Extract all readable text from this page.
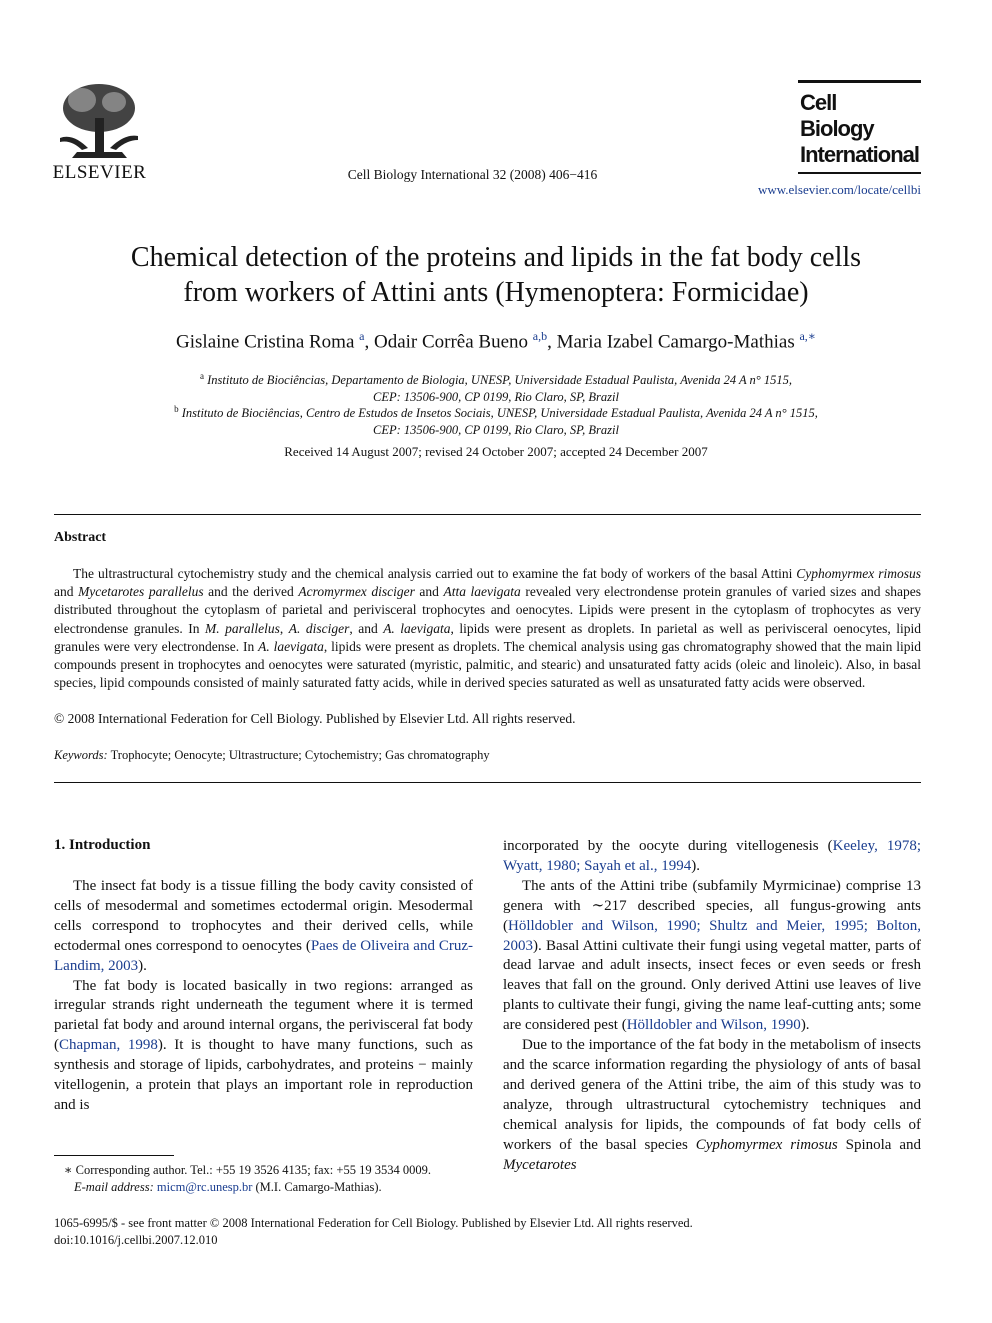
ELSEVIER	Cell Biology International 32 (2008) 406−416
Cell
Biology
International
www.elsevier.com/locate/cellbi
Chemical detection of the proteins and lipids in the fat body cells
from workers of Attini ants (Hymenoptera: Formicidae)
Gislaine Cristina Roma $^a$, Odair Corrêa Bueno $^{a,b}$, Maria Izabel Camargo-Mathias $^{a,∗}$
$^a$ Instituto de Biociências, Departamento de Biologia, UNESP, Universidade Estadual Paulista, Avenida 24 A n° 1515,
CEP: 13506-900, CP 0199, Rio Claro, SP, Brazil
$^b$ Instituto de Biociências, Centro de Estudos de Insetos Sociais, UNESP, Universidade Estadual Paulista, Avenida 24 A n° 1515,
CEP: 13506-900, CP 0199, Rio Claro, SP, Brazil
Received 14 August 2007; revised 24 October 2007; accepted 24 December 2007
Abstract

The ultrastructural cytochemistry study and the chemical analysis carried out to examine the fat body of workers of the basal Attini Cyphomyrmex rimosus and Mycetarotes parallelus and the derived Acromyrmex disciger and Atta laevigata revealed very electrondense protein granules of varied sizes and shapes distributed throughout the cytoplasm of parietal and perivisceral trophocytes and oenocytes. Lipids were present in the cytoplasm of trophocytes as very electrondense granules. In M. parallelus, A. disciger, and A. laevigata, lipids were present as droplets. In parietal as well as perivisceral oenocytes, lipid granules were very electrondense. In A. laevigata, lipids were present as droplets. The chemical analysis using gas chromatography showed that the main lipid compounds present in trophocytes and oenocytes were saturated (myristic, palmitic, and stearic) and unsaturated fatty acids (oleic and linoleic). Also, in basal species, lipid compounds consisted of mainly saturated fatty acids, while in derived species saturated as well as unsaturated fatty acids were observed.

© 2008 International Federation for Cell Biology. Published by Elsevier Ltd. All rights reserved.
Keywords: Trophocyte; Oenocyte; Ultrastructure; Cytochemistry; Gas chromatography
1. Introduction

The insect fat body is a tissue filling the body cavity consisted of cells of mesodermal and sometimes ectodermal origin. Mesodermal cells correspond to trophocytes and their derived cells, while ectodermal ones correspond to oenocytes (Paes de Oliveira and Cruz-Landim, 2003).

The fat body is located basically in two regions: arranged as irregular strands right underneath the tegument where it is termed parietal fat body and around internal organs, the perivisceral fat body (Chapman, 1998). It is thought to have many functions, such as synthesis and storage of lipids, carbohydrates, and proteins − mainly vitellogenin, a protein that plays an important role in reproduction and is

incorporated by the oocyte during vitellogenesis (Keeley, 1978; Wyatt, 1980; Sayah et al., 1994).

The ants of the Attini tribe (subfamily Myrmicinae) comprise 13 genera with ∼217 described species, all fungus-growing ants (Hölldobler and Wilson, 1990; Shultz and Meier, 1995; Bolton, 2003). Basal Attini cultivate their fungi using vegetal matter, parts of dead larvae and adult insects, insect feces or even seeds or fresh leaves that fall on the ground. Only derived Attini use leaves of live plants to cultivate their fungi, giving the name leaf-cutting ants; some are considered pest (Hölldobler and Wilson, 1990).

Due to the importance of the fat body in the metabolism of insects and the scarce information regarding the physiology of ants of basal and derived genera of the Attini tribe, the aim of this study was to analyze, through ultrastructural cytochemistry techniques and chemical analysis for lipids, the compounds of fat body cells of workers of the basal species Cyphomyrmex rimosus Spinola and Mycetarotes

∗ Corresponding author. Tel.: +55 19 3526 4135; fax: +55 19 3534 0009.
E-mail address: micm@rc.unesp.br (M.I. Camargo-Mathias).
1065-6995/$ - see front matter © 2008 International Federation for Cell Biology. Published by Elsevier Ltd. All rights reserved.
doi:10.1016/j.cellbi.2007.12.010
